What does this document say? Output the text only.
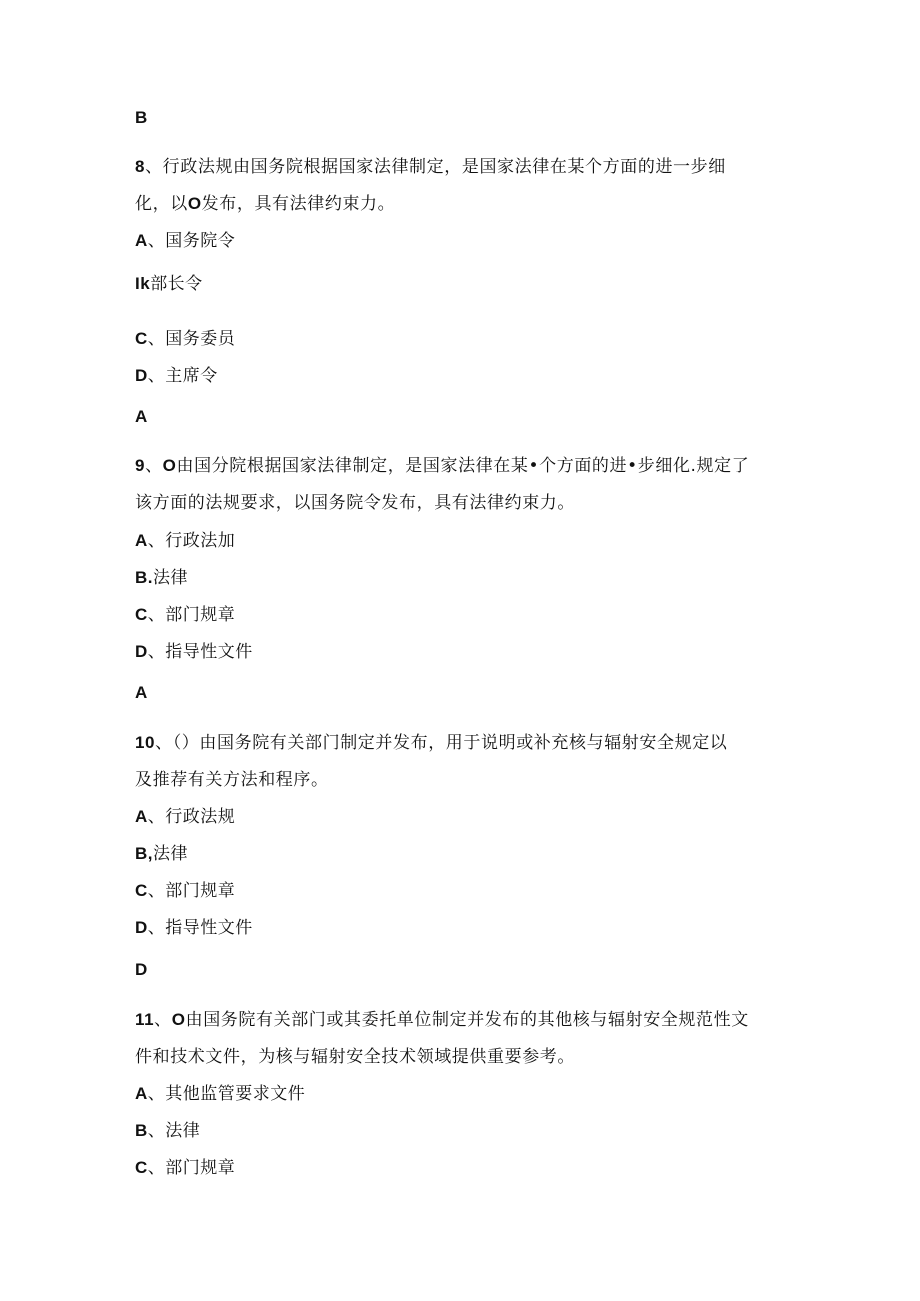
B
8、行政法规由国务院根据国家法律制定，是国家法律在某个方面的进一步细
化，以O发布，具有法律约束力。
A、国务院令
Ik部长令
C、国务委员
D、主席令
A
9、O由国分院根据国家法律制定，是国家法律在某•个方面的进•步细化.规定了
该方面的法规要求，以国务院令发布，具有法律约束力。
A、行政法加
B.法律
C、部门规章
D、指导性文件
A
10、（）由国务院有关部门制定并发布，用于说明或补充核与辐射安全规定以
及推荐有关方法和程序。
A、行政法规
B,法律
C、部门规章
D、指导性文件
D
11、O由国务院有关部门或其委托单位制定并发布的其他核与辐射安全规范性文
件和技术文件，为核与辐射安全技术领域提供重要参考。
A、其他监管要求文件
B、法律
C、部门规章
